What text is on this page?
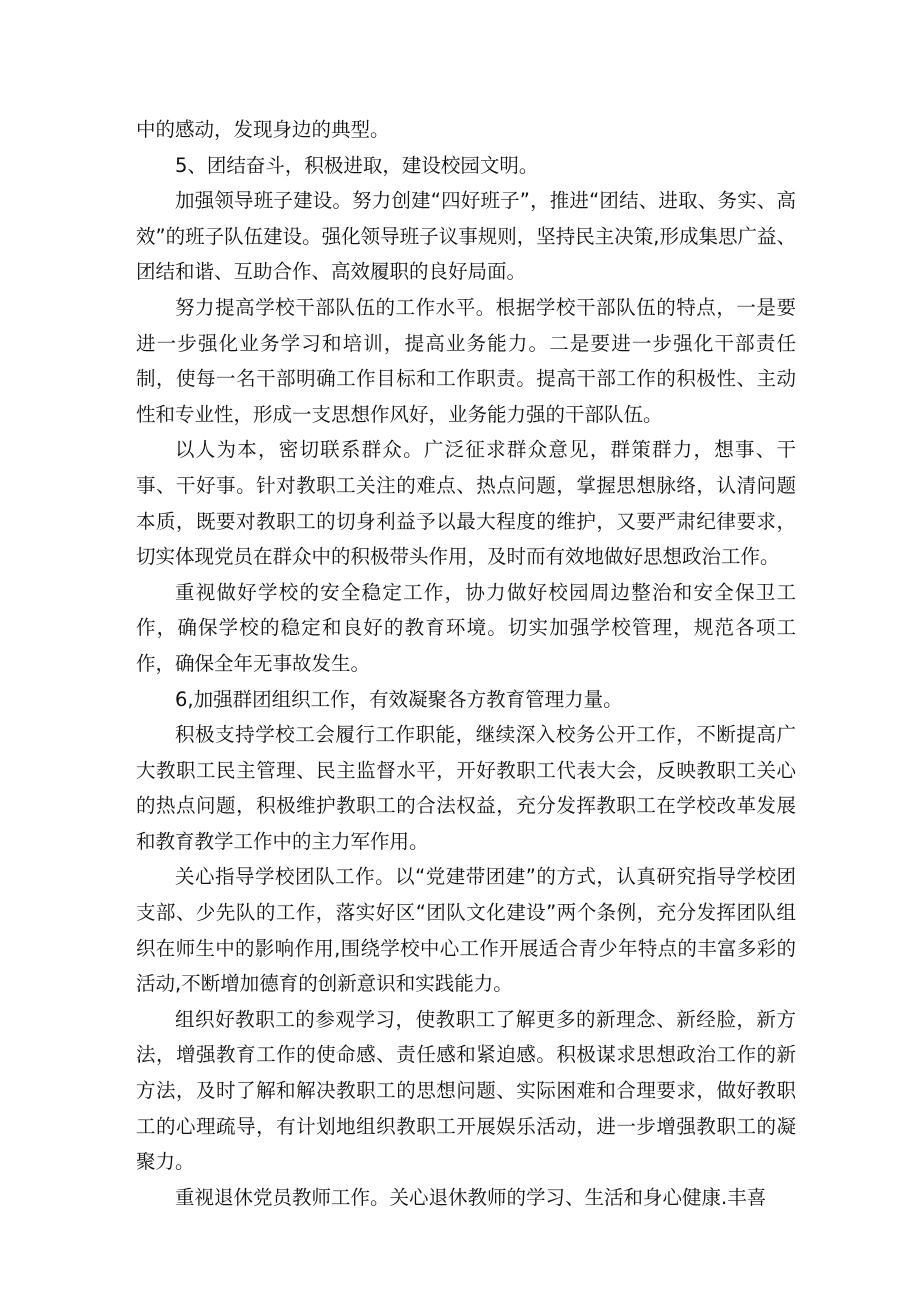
中的感动，发现身边的典型。

5、团结奋斗，积极进取，建设校园文明。

加强领导班子建设。努力创建“四好班子”，推进“团结、进取、务实、高效”的班子队伍建设。强化领导班子议事规则，坚持民主决策,形成集思广益、团结和谐、互助合作、高效履职的良好局面。

努力提高学校干部队伍的工作水平。根据学校干部队伍的特点，一是要进一步强化业务学习和培训，提高业务能力。二是要进一步强化干部责任制，使每一名干部明确工作目标和工作职责。提高干部工作的积极性、主动性和专业性，形成一支思想作风好，业务能力强的干部队伍。

以人为本，密切联系群众。广泛征求群众意见，群策群力，想事、干事、干好事。针对教职工关注的难点、热点问题，掌握思想脉络，认清问题本质，既要对教职工的切身利益予以最大程度的维护，又要严肃纪律要求，切实体现党员在群众中的积极带头作用，及时而有效地做好思想政治工作。

重视做好学校的安全稳定工作，协力做好校园周边整治和安全保卫工作，确保学校的稳定和良好的教育环境。切实加强学校管理，规范各项工作，确保全年无事故发生。

6,加强群团组织工作，有效凝聚各方教育管理力量。

积极支持学校工会履行工作职能，继续深入校务公开工作，不断提高广大教职工民主管理、民主监督水平，开好教职工代表大会，反映教职工关心的热点问题，积极维护教职工的合法权益，充分发挥教职工在学校改革发展和教育教学工作中的主力军作用。

关心指导学校团队工作。以“党建带团建”的方式，认真研究指导学校团支部、少先队的工作，落实好区“团队文化建设”两个条例，充分发挥团队组织在师生中的影响作用,围绕学校中心工作开展适合青少年特点的丰富多彩的活动,不断增加德育的创新意识和实践能力。

组织好教职工的参观学习，使教职工了解更多的新理念、新经脸，新方法，增强教育工作的使命感、责任感和紧迫感。积极谋求思想政治工作的新方法，及时了解和解决教职工的思想问题、实际困难和合理要求，做好教职工的心理疏导，有计划地组织教职工开展娱乐活动，进一步增强教职工的凝聚力。

重视退休党员教师工作。关心退休教师的学习、生活和身心健康.丰喜
